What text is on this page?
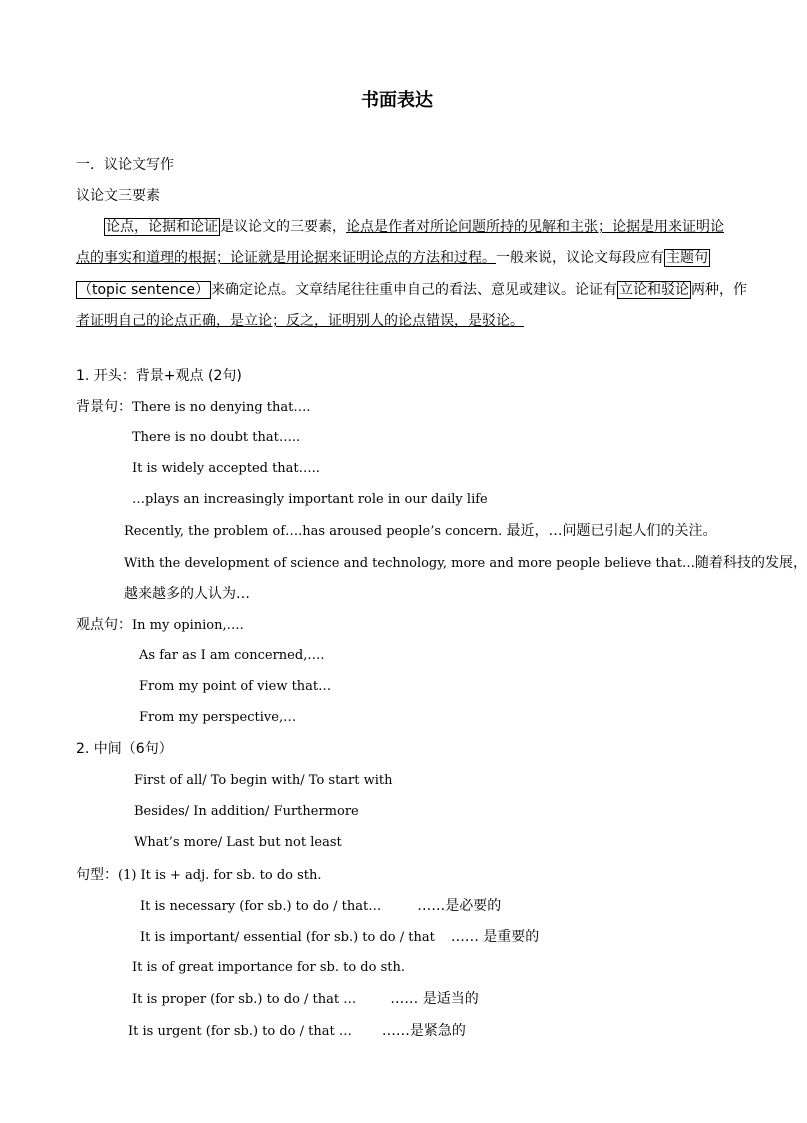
书面表达
一．议论文写作
议论文三要素
论点，论据和论证 是议论文的三要素，论点是作者对所论问题所持的见解和主张；论据是用来证明论
点的事实和道理的根据；论证就是用论据来证明论点的方法和过程。一般来说，议论文每段应有 主题句
（topic sentence） 来确定论点。文章结尾往往重申自己的看法、意见或建议。论证有 立论和驳论 两种，作
者证明自己的论点正确，是立论；反之，证明别人的论点错误，是驳论。
1. 开头：背景+观点 (2句)
背景句：There is no denying that….
There is no doubt that…..
It is widely accepted that…..
…plays an increasingly important role in our daily life
Recently, the problem of….has aroused people’s concern. 最近，…问题已引起人们的关注。
With the development of science and technology, more and more people believe that…随着科技的发展，
越来越多的人认为…
观点句：In my opinion,….
As far as I am concerned,….
From my point of view that…
From my perspective,…
2. 中间（6句）
First of all/ To begin with/ To start with
Besides/ In addition/ Furthermore
What’s more/ Last but not least
句型：(1) It is + adj. for sb. to do sth.
It is necessary (for sb.) to do / that…	……是必要的
It is important/ essential (for sb.) to do / that …… 是重要的
It is of great importance for sb. to do sth.
It is proper (for sb.) to do / that … …… 是适当的
It is urgent (for sb.) to do / that … ……是紧急的
